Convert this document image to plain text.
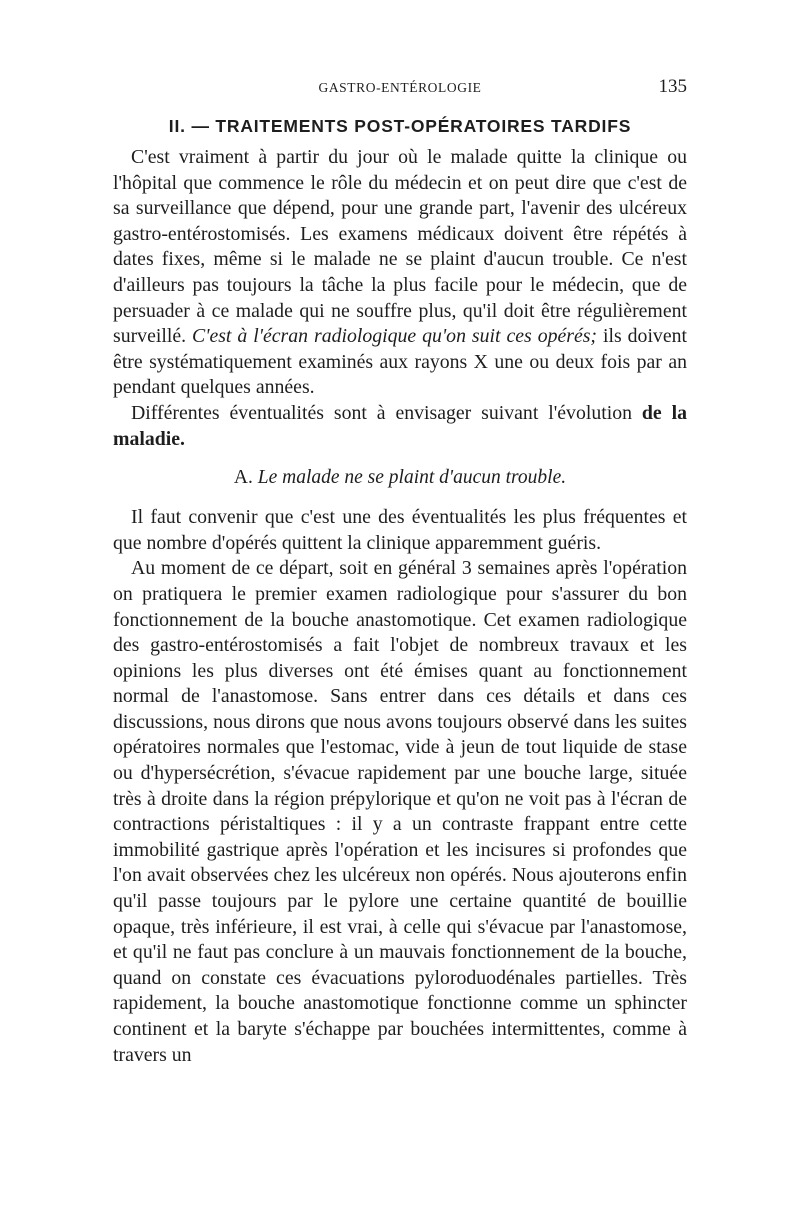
GASTRO-ENTÉROLOGIE	135
II. — TRAITEMENTS POST-OPÉRATOIRES TARDIFS

C'est vraiment à partir du jour où le malade quitte la clinique ou l'hôpital que commence le rôle du médecin et on peut dire que c'est de sa surveillance que dépend, pour une grande part, l'avenir des ulcéreux gastro-entérostomisés. Les examens médicaux doivent être répétés à dates fixes, même si le malade ne se plaint d'aucun trouble. Ce n'est d'ailleurs pas toujours la tâche la plus facile pour le médecin, que de persuader à ce malade qui ne souffre plus, qu'il doit être régulièrement surveillé. C'est à l'écran radiologique qu'on suit ces opérés; ils doivent être systématiquement examinés aux rayons X une ou deux fois par an pendant quelques années.

Différentes éventualités sont à envisager suivant l'évolution de la maladie.

A. Le malade ne se plaint d'aucun trouble.

Il faut convenir que c'est une des éventualités les plus fréquentes et que nombre d'opérés quittent la clinique apparemment guéris.

Au moment de ce départ, soit en général 3 semaines après l'opération on pratiquera le premier examen radiologique pour s'assurer du bon fonctionnement de la bouche anastomotique. Cet examen radiologique des gastro-entérostomisés a fait l'objet de nombreux travaux et les opinions les plus diverses ont été émises quant au fonctionnement normal de l'anastomose. Sans entrer dans ces détails et dans ces discussions, nous dirons que nous avons toujours observé dans les suites opératoires normales que l'estomac, vide à jeun de tout liquide de stase ou d'hypersécrétion, s'évacue rapidement par une bouche large, située très à droite dans la région prépylorique et qu'on ne voit pas à l'écran de contractions péristaltiques : il y a un contraste frappant entre cette immobilité gastrique après l'opération et les incisures si profondes que l'on avait observées chez les ulcéreux non opérés. Nous ajouterons enfin qu'il passe toujours par le pylore une certaine quantité de bouillie opaque, très inférieure, il est vrai, à celle qui s'évacue par l'anastomose, et qu'il ne faut pas conclure à un mauvais fonctionnement de la bouche, quand on constate ces évacuations pyloroduodénales partielles. Très rapidement, la bouche anastomotique fonctionne comme un sphincter continent et la baryte s'échappe par bouchées intermittentes, comme à travers un
